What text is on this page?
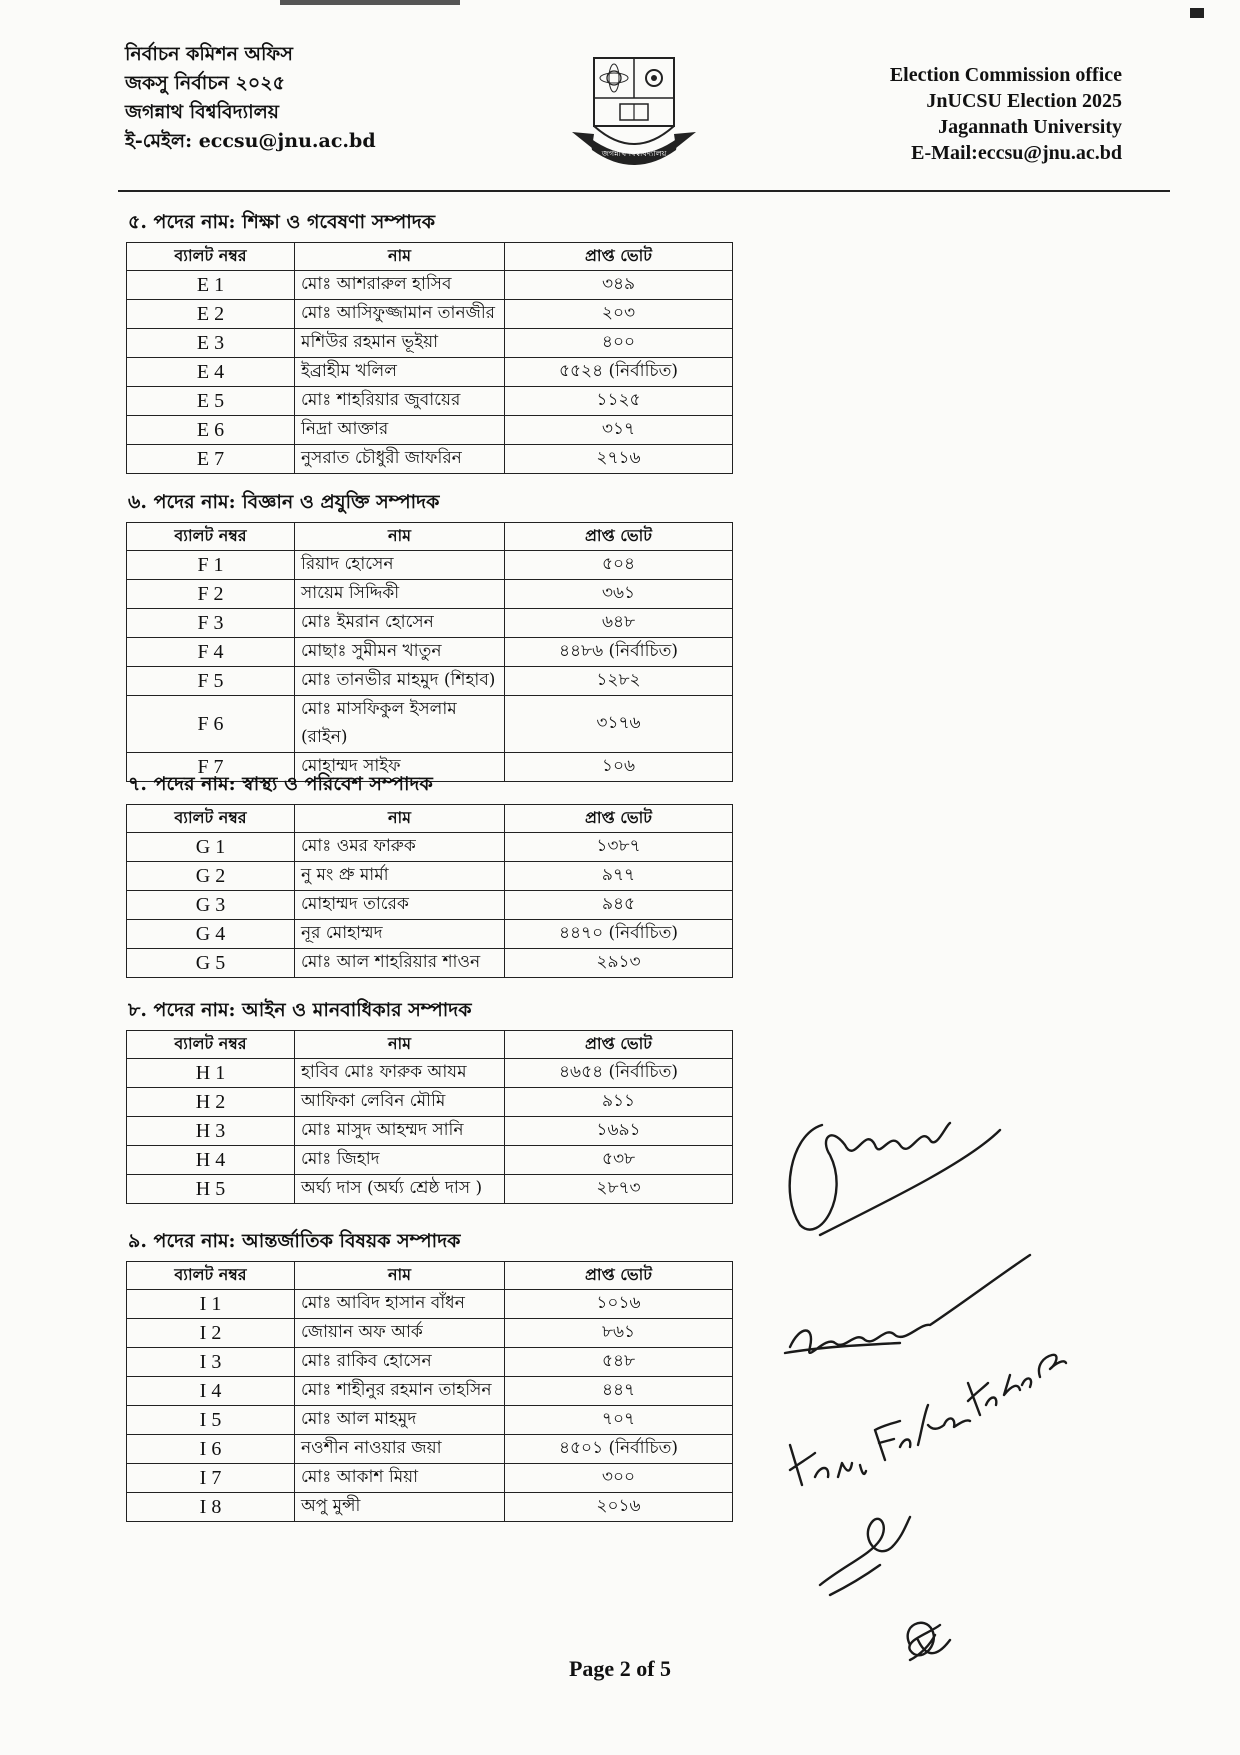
নির্বাচন কমিশন অফিস
জকসু নির্বাচন ২০২৫
জগন্নাথ বিশ্ববিদ্যালয়
ই-মেইল: eccsu@jnu.ac.bd
জগন্নাথ বিশ্ববিদ্যালয়
Election Commission office
JnUCSU Election 2025
Jagannath University
E-Mail:eccsu@jnu.ac.bd
৫. পদের নাম: শিক্ষা ও গবেষণা সম্পাদক
ব্যালট নম্বর	নাম	প্রাপ্ত ভোট
E 1	মোঃ আশরারুল হাসিব	৩৪৯
E 2	মোঃ আসিফুজ্জামান তানজীর	২০৩
E 3	মশিউর রহমান ভূইয়া	৪০০
E 4	ইব্রাহীম খলিল	৫৫২৪ (নির্বাচিত)
E 5	মোঃ শাহরিয়ার জুবায়ের	১১২৫
E 6	নিদ্রা আক্তার	৩১৭
E 7	নুসরাত চৌধুরী জাফরিন	২৭১৬
৬. পদের নাম: বিজ্ঞান ও প্রযুক্তি সম্পাদক
ব্যালট নম্বর	নাম	প্রাপ্ত ভোট
F 1	রিয়াদ হোসেন	৫০৪
F 2	সায়েম সিদ্দিকী	৩৬১
F 3	মোঃ ইমরান হোসেন	৬৪৮
F 4	মোছাঃ সুমীমন খাতুন	৪৪৮৬ (নির্বাচিত)
F 5	মোঃ তানভীর মাহমুদ (শিহাব)	১২৮২
F 6	মোঃ মাসফিকুল ইসলাম (রাইন)	৩১৭৬
F 7	মোহাম্মদ সাইফ	১০৬
৭. পদের নাম: স্বাস্থ্য ও পরিবেশ সম্পাদক
ব্যালট নম্বর	নাম	প্রাপ্ত ভোট
G 1	মোঃ ওমর ফারুক	১৩৮৭
G 2	নু মং প্রু মার্মা	৯৭৭
G 3	মোহাম্মদ তারেক	৯৪৫
G 4	নূর মোহাম্মদ	৪৪৭০ (নির্বাচিত)
G 5	মোঃ আল শাহরিয়ার শাওন	২৯১৩
৮. পদের নাম: আইন ও মানবাধিকার সম্পাদক
ব্যালট নম্বর	নাম	প্রাপ্ত ভোট
H 1	হাবিব মোঃ ফারুক আযম	৪৬৫৪ (নির্বাচিত)
H 2	আফিকা লেবিন মৌমি	৯১১
H 3	মোঃ মাসুদ আহম্মদ সানি	১৬৯১
H 4	মোঃ জিহাদ	৫৩৮
H 5	অর্ঘ্য দাস (অর্ঘ্য শ্রেষ্ঠ দাস )	২৮৭৩
৯. পদের নাম: আন্তর্জাতিক বিষয়ক সম্পাদক
ব্যালট নম্বর	নাম	প্রাপ্ত ভোট
I 1	মোঃ আবিদ হাসান বাঁধন	১০১৬
I 2	জোয়ান অফ আর্ক	৮৬১
I 3	মোঃ রাকিব হোসেন	৫৪৮
I 4	মোঃ শাহীনুর রহমান তাহসিন	৪৪৭
I 5	মোঃ আল মাহমুদ	৭০৭
I 6	নওশীন নাওয়ার জয়া	৪৫০১ (নির্বাচিত)
I 7	মোঃ আকাশ মিয়া	৩০০
I 8	অপু মুন্সী	২০১৬
Page 2 of 5
